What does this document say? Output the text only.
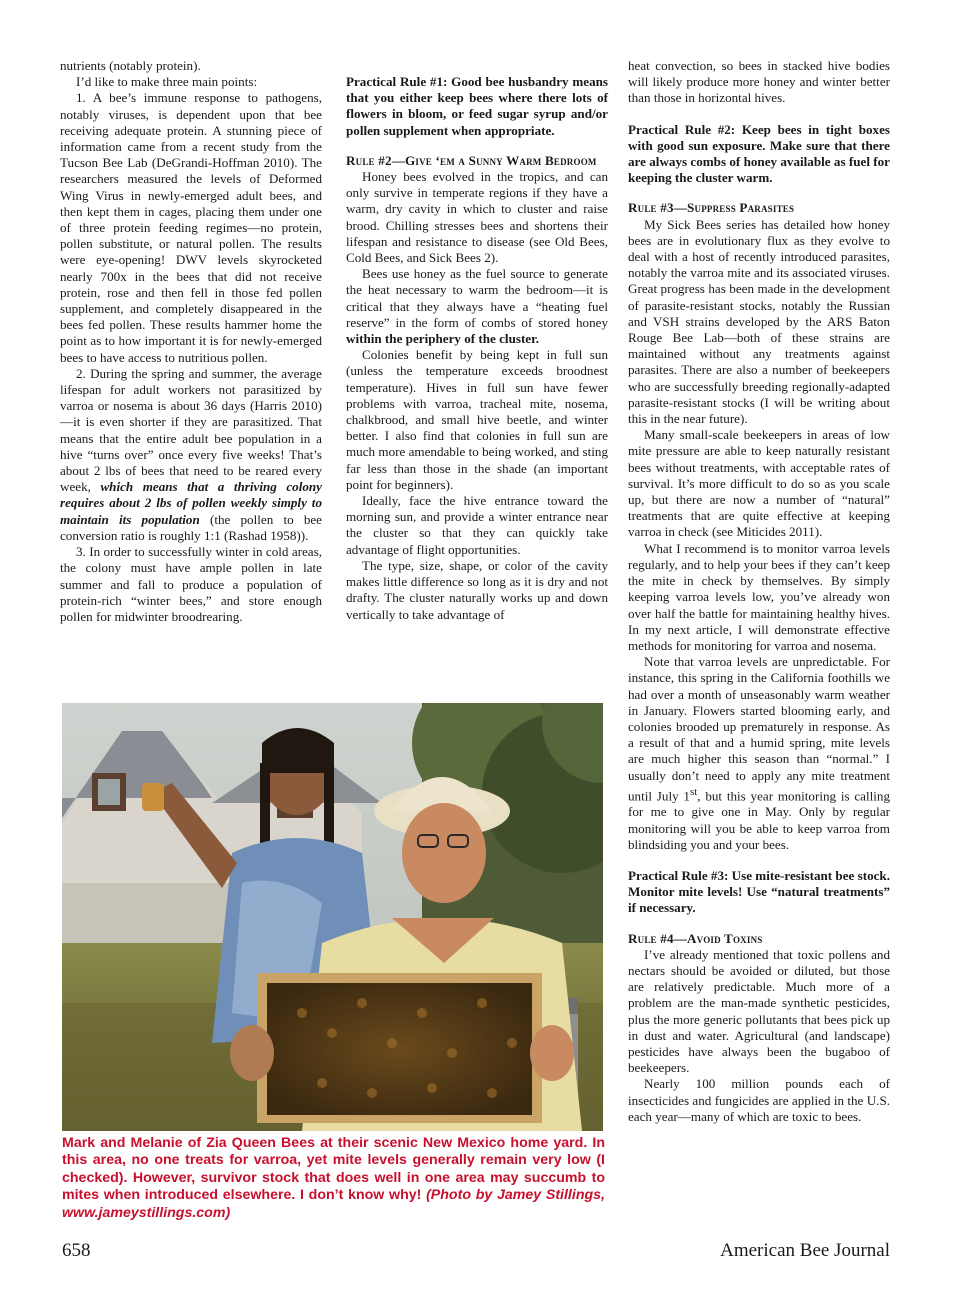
nutrients (notably protein).

I’d like to make three main points:

1. A bee’s immune response to pathogens, notably viruses, is dependent upon that bee receiving adequate protein. A stunning piece of information came from a recent study from the Tucson Bee Lab (DeGrandi-Hoffman 2010). The researchers measured the levels of Deformed Wing Virus in newly-emerged adult bees, and then kept them in cages, placing them under one of three protein feeding regimes—no protein, pollen substitute, or natural pollen. The results were eye-opening! DWV levels skyrocketed nearly 700x in the bees that did not receive protein, rose and then fell in those fed pollen supplement, and completely disappeared in the bees fed pollen. These results hammer home the point as to how important it is for newly-emerged bees to have access to nutritious pollen.

2. During the spring and summer, the average lifespan for adult workers not parasitized by varroa or nosema is about 36 days (Harris 2010)—it is even shorter if they are parasitized. That means that the entire adult bee population in a hive “turns over” once every five weeks! That’s about 2 lbs of bees that need to be reared every week, which means that a thriving colony requires about 2 lbs of pollen weekly simply to maintain its population (the pollen to bee conversion ratio is roughly 1:1 (Rashad 1958)).

3. In order to successfully winter in cold areas, the colony must have ample pollen in late summer and fall to produce a population of protein-rich “winter bees,” and store enough pollen for midwinter broodrearing.

Practical Rule #1: Good bee husbandry means that you either keep bees where there lots of flowers in bloom, or feed sugar syrup and/or pollen supplement when appropriate.

Rule #2—Give ‘em a Sunny Warm Bedroom

Honey bees evolved in the tropics, and can only survive in temperate regions if they have a warm, dry cavity in which to cluster and raise brood. Chilling stresses bees and shortens their lifespan and resistance to disease (see Old Bees, Cold Bees, and Sick Bees 2).

Bees use honey as the fuel source to generate the heat necessary to warm the bedroom—it is critical that they always have a “heating fuel reserve” in the form of combs of stored honey within the periphery of the cluster.

Colonies benefit by being kept in full sun (unless the temperature exceeds broodnest temperature). Hives in full sun have fewer problems with varroa, tracheal mite, nosema, chalkbrood, and small hive beetle, and winter better. I also find that colonies in full sun are much more amendable to being worked, and sting far less than those in the shade (an important point for beginners).

Ideally, face the hive entrance toward the morning sun, and provide a winter entrance near the cluster so that they can quickly take advantage of flight opportunities.

The type, size, shape, or color of the cavity makes little difference so long as it is dry and not drafty. The cluster naturally works up and down vertically to take advantage of

heat convection, so bees in stacked hive bodies will likely produce more honey and winter better than those in horizontal hives.

Practical Rule #2: Keep bees in tight boxes with good sun exposure. Make sure that there are always combs of honey available as fuel for keeping the cluster warm.

Rule #3—Suppress Parasites

My Sick Bees series has detailed how honey bees are in evolutionary flux as they evolve to deal with a host of recently introduced parasites, notably the varroa mite and its associated viruses. Great progress has been made in the development of parasite-resistant stocks, notably the Russian and VSH strains developed by the ARS Baton Rouge Bee Lab—both of these strains are maintained without any treatments against parasites. There are also a number of beekeepers who are successfully breeding regionally-adapted parasite-resistant stocks (I will be writing about this in the near future).

Many small-scale beekeepers in areas of low mite pressure are able to keep naturally resistant bees without treatments, with acceptable rates of survival. It’s more difficult to do so as you scale up, but there are now a number of “natural” treatments that are quite effective at keeping varroa in check (see Miticides 2011).

What I recommend is to monitor varroa levels regularly, and to help your bees if they can’t keep the mite in check by themselves. By simply keeping varroa levels low, you’ve already won over half the battle for maintaining healthy hives. In my next article, I will demonstrate effective methods for monitoring for varroa and nosema.

Note that varroa levels are unpredictable. For instance, this spring in the California foothills we had over a month of unseasonably warm weather in January. Flowers started blooming early, and colonies brooded up prematurely in response. As a result of that and a humid spring, mite levels are much higher this season than “normal.” I usually don’t need to apply any mite treatment until July 1st, but this year monitoring is calling for me to give one in May. Only by regular monitoring will you be able to keep varroa from blindsiding you and your bees.

Practical Rule #3: Use mite-resistant bee stock. Monitor mite levels! Use “natural treatments” if necessary.

Rule #4—Avoid Toxins

I’ve already mentioned that toxic pollens and nectars should be avoided or diluted, but those are relatively predictable. Much more of a problem are the man-made synthetic pesticides, plus the more generic pollutants that bees pick up in dust and water. Agricultural (and landscape) pesticides have always been the bugaboo of beekeepers.

Nearly 100 million pounds each of insecticides and fungicides are applied in the U.S. each year—many of which are toxic to bees.

Mark and Melanie of Zia Queen Bees at their scenic New Mexico home yard. In this area, no one treats for varroa, yet mite levels generally remain very low (I checked). However, survivor stock that does well in one area may succumb to mites when introduced elsewhere. I don’t know why! (Photo by Jamey Stillings, www.jameystillings.com)
658	American Bee Journal
